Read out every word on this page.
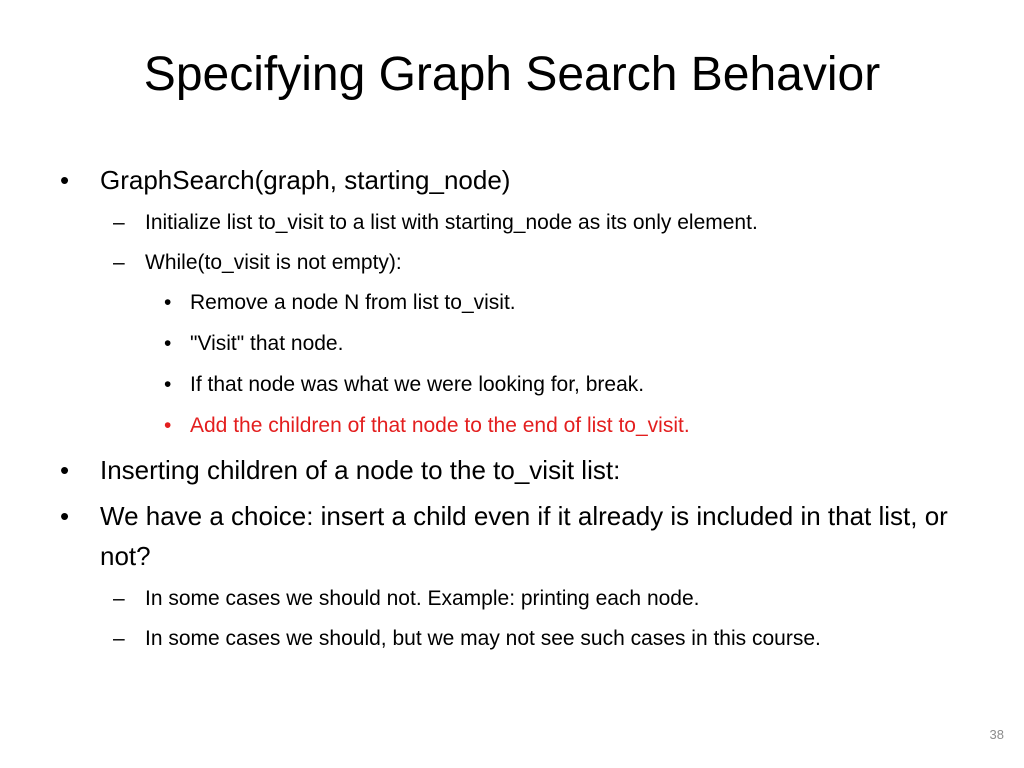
Specifying Graph Search Behavior
• GraphSearch(graph, starting_node)
– Initialize list to_visit to a list with starting_node as its only element.
– While(to_visit is not empty):
• Remove a node N from list to_visit.
• "Visit" that node.
• If that node was what we were looking for, break.
• Add the children of that node to the end of list to_visit.
• Inserting children of a node to the to_visit list:
• We have a choice: insert a child even if it already is included in that list, or not?
– In some cases we should not. Example: printing each node.
– In some cases we should, but we may not see such cases in this course.
38
